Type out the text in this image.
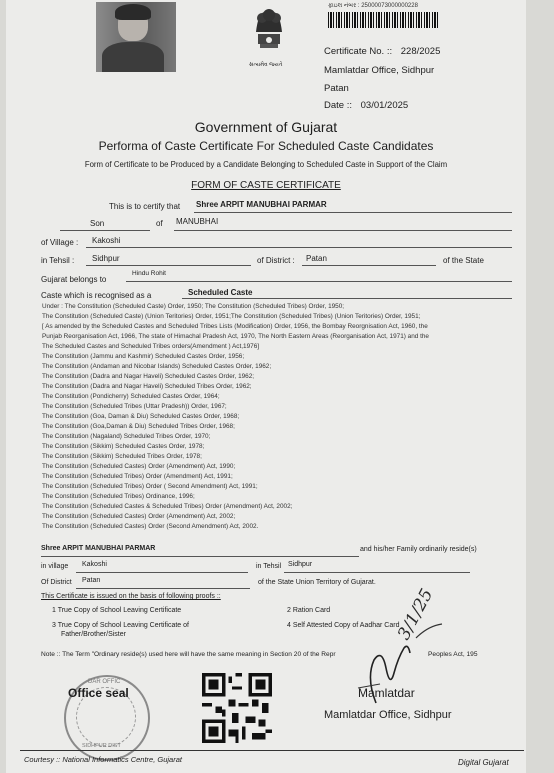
સત્યમેવ જયતે
ફાઇલ નંબર : 25000073000000228
Certificate No. :: 228/2025
Mamlatdar Office, Sidhpur
Patan
Date :: 03/01/2025
Government of Gujarat
Performa of Caste Certificate For Scheduled Caste Candidates
Form of Certificate to be Produced by a Candidate Belonging to Scheduled Caste in Support of the Claim
FORM OF CASTE CERTIFICATE
This is to certify that Shree ARPIT MANUBHAI PARMAR
Son	of MANUBHAI
of Village : Kakoshi
in Tehsil : Sidhpur	of District : Patan	of the State
Gujarat belongs to
Hindu Rohit
Caste which is recognised as a	Scheduled Caste
Under : The Constitution (Scheduled Caste) Order, 1950; The Constitution (Scheduled Tribes) Order, 1950;
The Constitution (Scheduled Caste) (Union Teritories) Order, 1951;The Constitution (Scheduled Tribes) (Union Teritories) Order, 1951;
[ As amended by the Scheduled Castes and Scheduled Tribes Lists (Modification) Order, 1956, the Bombay Reorgnisation Act, 1960, the
Punjab Reorganisation Act, 1966, The state of Himachal Pradesh Act, 1970, The North Eastern Areas (Reorganisation Act, 1971) and the
The Scheduled Castes and Scheduled Tribes orders(Amendment ) Act,1976]
The Constitution (Jammu and Kashmir) Scheduled Castes Order, 1956;
The Constitution (Andaman and Nicobar Islands) Scheduled Castes Order, 1962;
The Constitution (Dadra and Nagar Haveli) Scheduled Castes Order, 1962;
The Constitution (Dadra and Nagar Haveli) Scheduled Tribes Order, 1962;
The Constitution (Pondicherry) Scheduled Castes Order, 1964;
The Constitution (Scheduled Tribes (Uttar Pradesh)) Order, 1967;
The Constitution (Goa, Daman & Diu) Scheduled Castes Order, 1968;
The Constitution (Goa,Daman & Diu) Scheduled Tribes Order, 1968;
The Constitution (Nagaland) Scheduled Tribes Order, 1970;
The Constitution (Sikkim) Scheduled Castes Order, 1978;
The Constitution (Sikkim) Scheduled Tribes Order, 1978;
The Constitution (Scheduled Castes) Order (Amendment) Act, 1990;
The Constitution (Scheduled Tribes) Order (Amendment) Act, 1991;
The Constitution (Scheduled Tribes) Order ( Second Amendment) Act, 1991;
The Constitution (Scheduled Tribes) Ordinance, 1996;
The Constitution (Scheduled Castes & Scheduled Tribes) Order (Amendment) Act, 2002;
The Constitution (Scheduled Castes) Order (Amendment) Act, 2002;
The Constitution (Scheduled Castes) Order (Second Amendment) Act, 2002.
Shree ARPIT MANUBHAI PARMAR	and his/her Family ordinarily reside(s)
in village Kakoshi	in Tehsil Sidhpur
Of District Patan	of the State Union Territory of Gujarat.
This Certificate is issued on the basis of following proofs ::
1 True Copy of School Leaving Certificate	2 Ration Card
3 True Copy of School Leaving Certificate of
Father/Brother/Sister
4 Self Attested Copy of Aadhar Card
Note :: The Term "Ordinary reside(s) used here will have the same meaning in Section 20 of the Repr	Peoples Act, 195
DAR OFFIC
SIDHPUR DIST
Office seal
3/1/25
Mamlatdar
Mamlatdar Office, Sidhpur
Courtesy :: National Informatics Centre, Gujarat	Digital Gujarat
